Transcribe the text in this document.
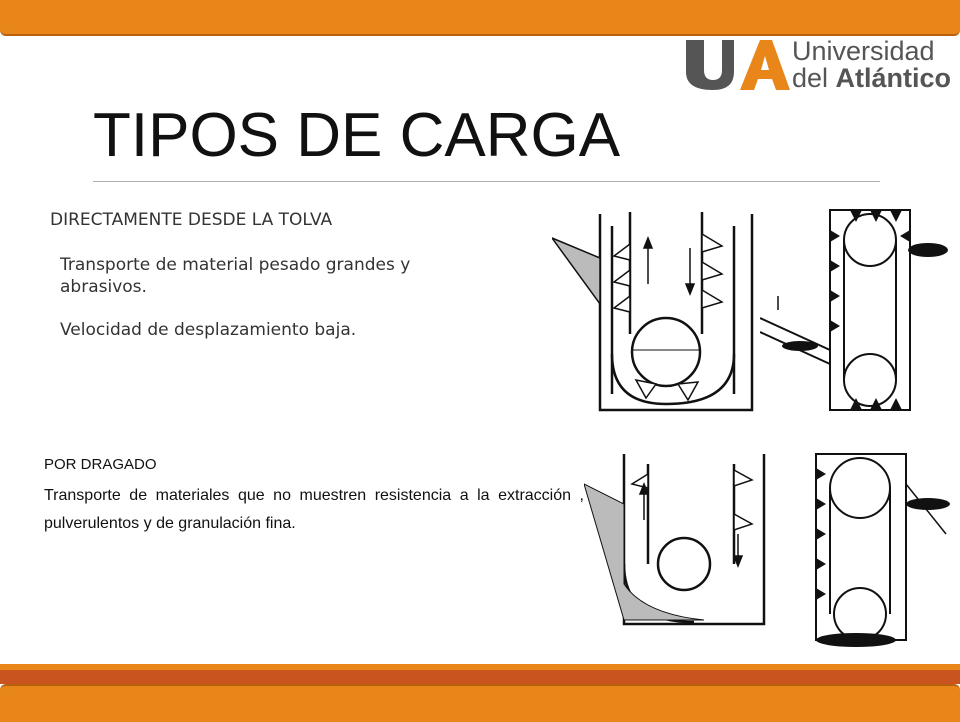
Universidad
del Atlántico
TIPOS DE CARGA
DIRECTAMENTE DESDE LA TOLVA
Transporte de material pesado grandes y abrasivos.
Velocidad de desplazamiento baja.
POR DRAGADO
Transporte de materiales que no muestren resistencia a la extracción , pulverulentos y de granulación fina.
